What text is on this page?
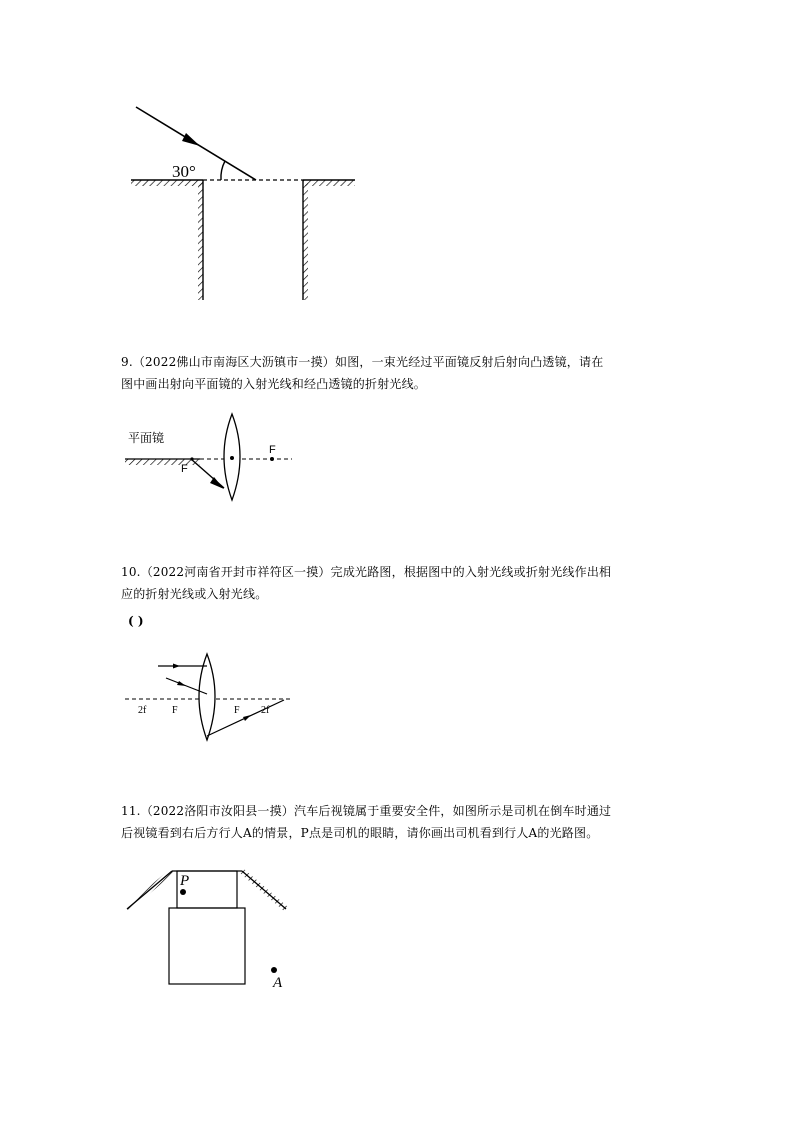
30°
9.（2022佛山市南海区大沥镇市一摸）如图，一束光经过平面镜反射后射向凸透镜，请在
图中画出射向平面镜的入射光线和经凸透镜的折射光线。
平面镜
F
F
10.（2022河南省开封市祥符区一摸）完成光路图，根据图中的入射光线或折射光线作出相
应的折射光线或入射光线。
( )
2f	F	F 2f
11.（2022洛阳市汝阳县一摸）汽车后视镜属于重要安全件，如图所示是司机在倒车时通过
后视镜看到右后方行人A的情景，P点是司机的眼睛，请你画出司机看到行人A的光路图。
P
A
